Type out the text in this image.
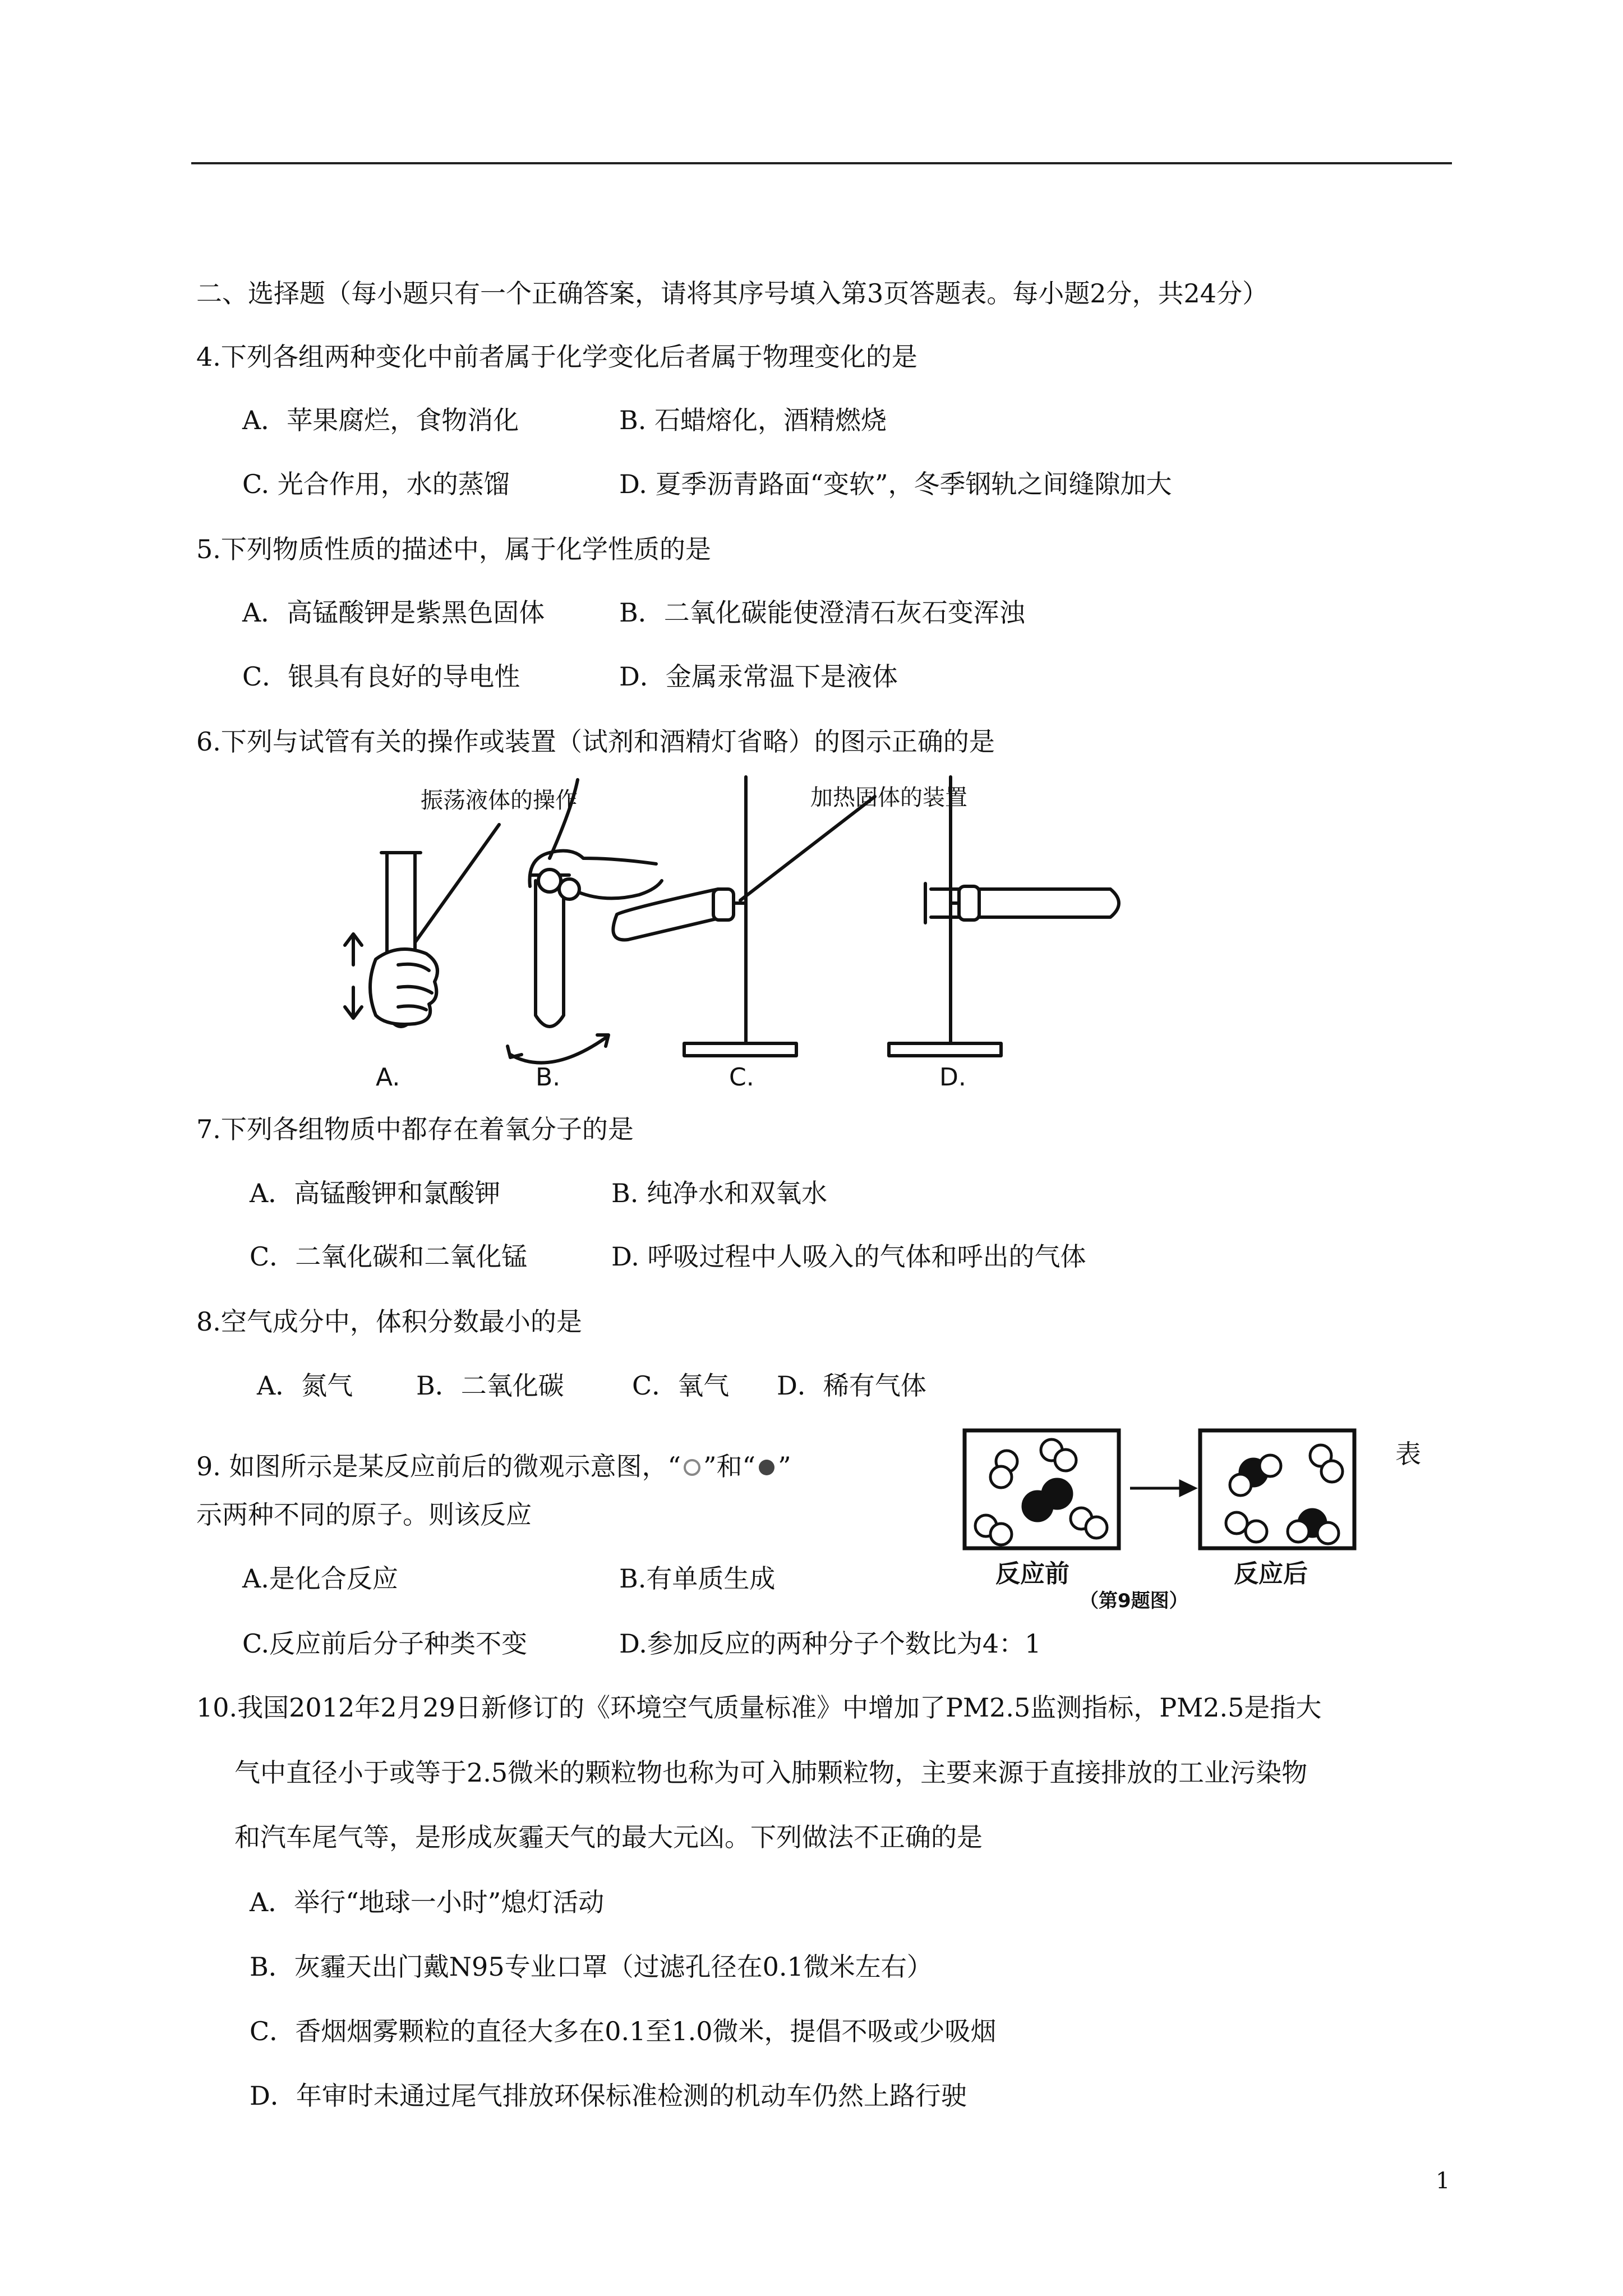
二、选择题（每小题只有一个正确答案，请将其序号填入第3页答题表。每小题2分，共24分）
4.下列各组两种变化中前者属于化学变化后者属于物理变化的是
A．苹果腐烂，食物消化	B. 石蜡熔化，酒精燃烧
C. 光合作用，水的蒸馏	D. 夏季沥青路面“变软”，冬季钢轨之间缝隙加大
5.下列物质性质的描述中，属于化学性质的是
A．高锰酸钾是紫黑色固体	B．二氧化碳能使澄清石灰石变浑浊
C．银具有良好的导电性	D．金属汞常温下是液体
6.下列与试管有关的操作或装置（试剂和酒精灯省略）的图示正确的是
振荡液体的操作	加热固体的装置
A.	B.	C.	D.
7.下列各组物质中都存在着氧分子的是
A．高锰酸钾和氯酸钾	B. 纯净水和双氧水
C．二氧化碳和二氧化锰	D. 呼吸过程中人吸入的气体和呼出的气体
8.空气成分中，体积分数最小的是
A．氮气 B．二氧化碳	C．氧气 D．稀有气体
9. 如图所示是某反应前后的微观示意图，“ ”和“ ”	表
示两种不同的原子。则该反应
反应前	反应后
（第9题图）
A.是化合反应	B.有单质生成
C.反应前后分子种类不变	D.参加反应的两种分子个数比为4：1
10.我国2012年2月29日新修订的《环境空气质量标准》中增加了PM2.5监测指标，PM2.5是指大
气中直径小于或等于2.5微米的颗粒物也称为可入肺颗粒物，主要来源于直接排放的工业污染物
和汽车尾气等，是形成灰霾天气的最大元凶。下列做法不正确的是
A．举行“地球一小时”熄灯活动
B．灰霾天出门戴N95专业口罩（过滤孔径在0.1微米左右）
C．香烟烟雾颗粒的直径大多在0.1至1.0微米，提倡不吸或少吸烟
D．年审时未通过尾气排放环保标准检测的机动车仍然上路行驶
1
